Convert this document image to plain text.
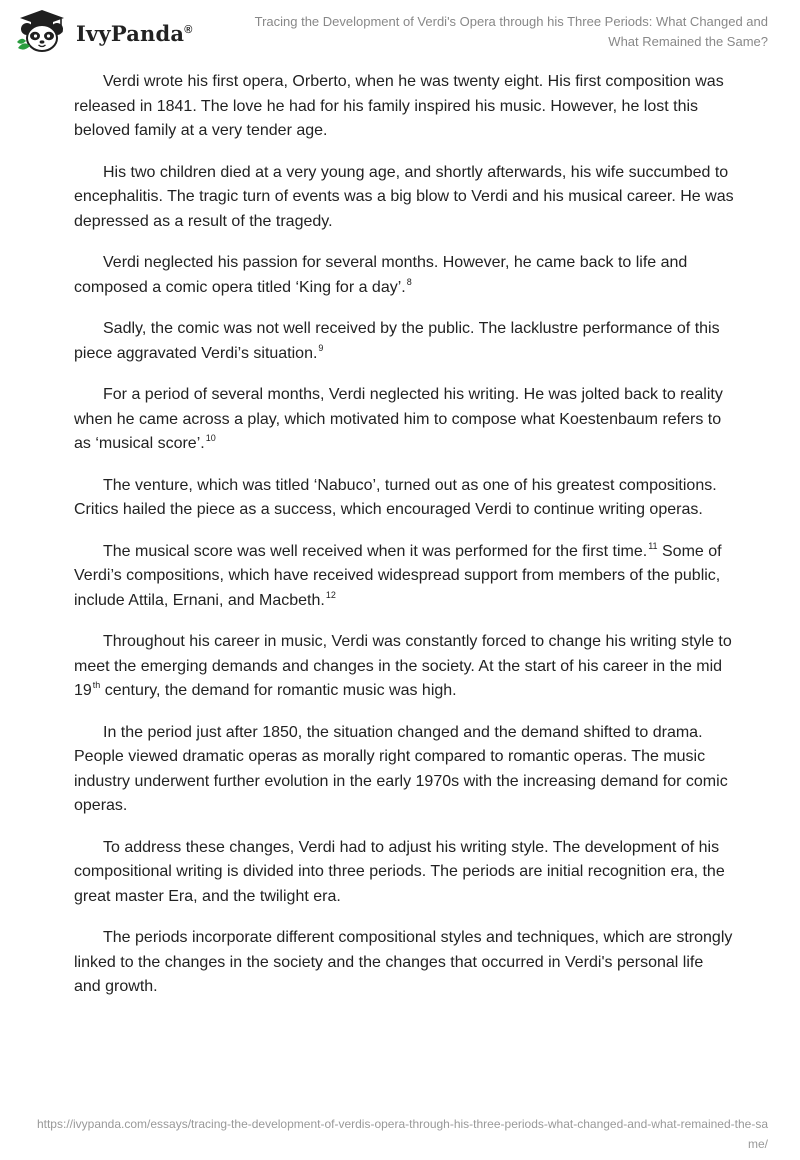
IvyPanda®
Tracing the Development of Verdi's Opera through his Three Periods: What Changed and What Remained the Same?

Verdi wrote his first opera, Orberto, when he was twenty eight. His first composition was released in 1841. The love he had for his family inspired his music. However, he lost this beloved family at a very tender age.

His two children died at a very young age, and shortly afterwards, his wife succumbed to encephalitis. The tragic turn of events was a big blow to Verdi and his musical career. He was depressed as a result of the tragedy.

Verdi neglected his passion for several months. However, he came back to life and composed a comic opera titled ‘King for a day’.$^8$

Sadly, the comic was not well received by the public. The lacklustre performance of this piece aggravated Verdi’s situation.$^9$

For a period of several months, Verdi neglected his writing. He was jolted back to reality when he came across a play, which motivated him to compose what Koestenbaum refers to as ‘musical score’.$^{10}$

The venture, which was titled ‘Nabuco’, turned out as one of his greatest compositions. Critics hailed the piece as a success, which encouraged Verdi to continue writing operas.

The musical score was well received when it was performed for the first time.$^{11}$ Some of Verdi’s compositions, which have received widespread support from members of the public, include Attila, Ernani, and Macbeth.$^{12}$

Throughout his career in music, Verdi was constantly forced to change his writing style to meet the emerging demands and changes in the society. At the start of his career in the mid 19th century, the demand for romantic music was high.

In the period just after 1850, the situation changed and the demand shifted to drama. People viewed dramatic operas as morally right compared to romantic operas. The music industry underwent further evolution in the early 1970s with the increasing demand for comic operas.

To address these changes, Verdi had to adjust his writing style. The development of his compositional writing is divided into three periods. The periods are initial recognition era, the great master Era, and the twilight era.

The periods incorporate different compositional styles and techniques, which are strongly linked to the changes in the society and the changes that occurred in Verdi's personal life and growth.

https://ivypanda.com/essays/tracing-the-development-of-verdis-opera-through-his-three-periods-what-changed-and-what-remained-the-same/
